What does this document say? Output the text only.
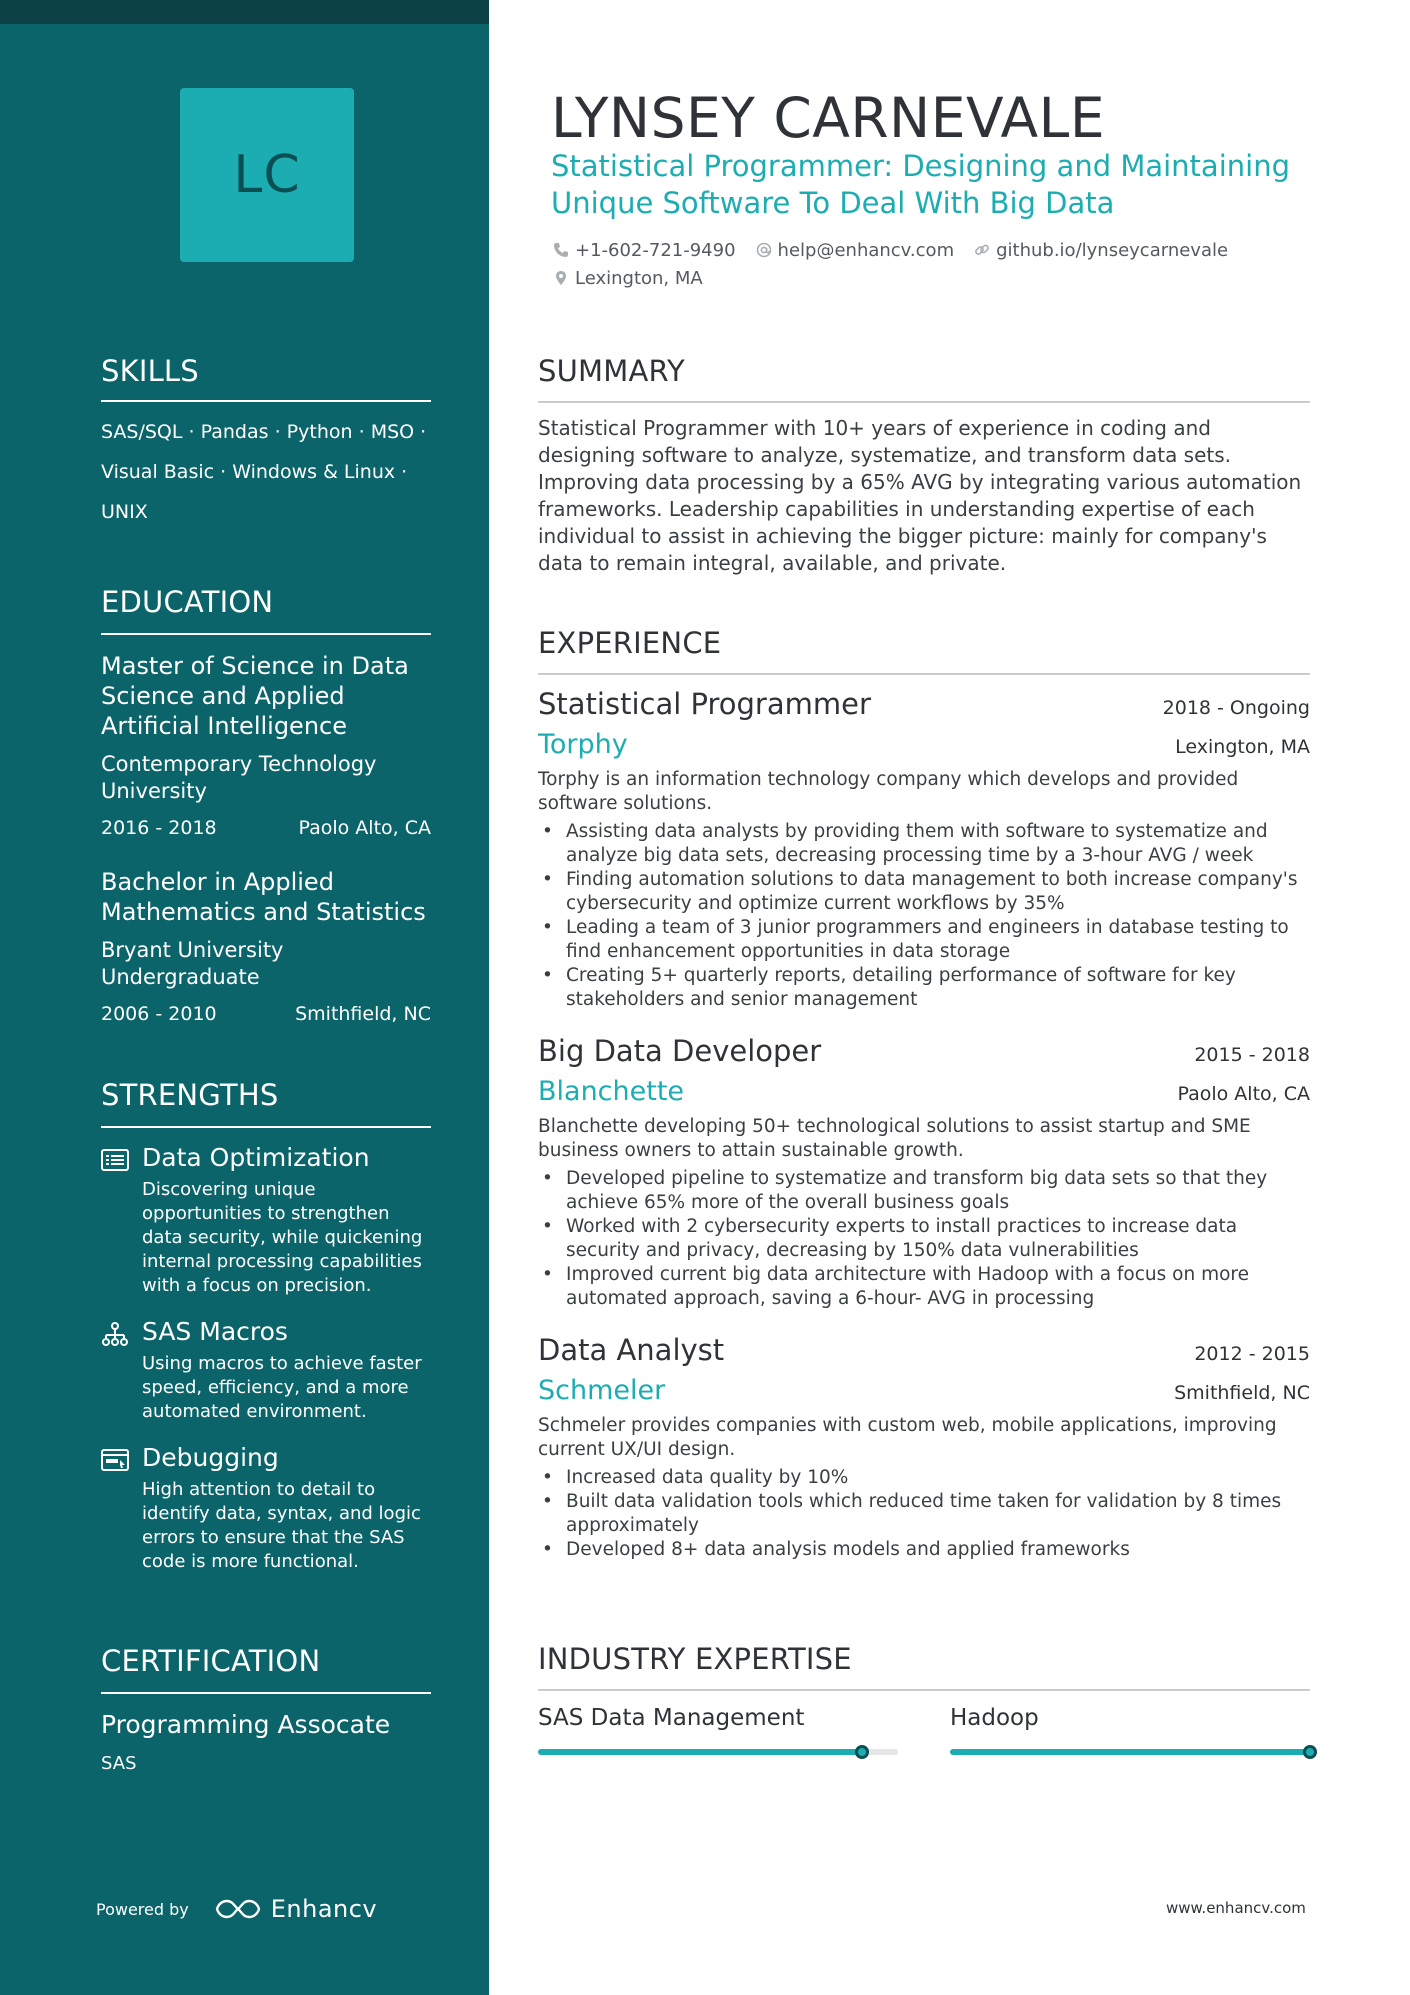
LC
SKILLS
SAS/SQL · Pandas · Python · MSO ·
Visual Basic · Windows & Linux ·
UNIX
EDUCATION
Master of Science in Data Science and Applied Artificial Intelligence
Contemporary Technology University
2016 - 2018	Paolo Alto, CA
Bachelor in Applied Mathematics and Statistics
Bryant University Undergraduate
2006 - 2010	Smithfield, NC
STRENGTHS
Data Optimization
Discovering unique opportunities to strengthen data security, while quickening internal processing capabilities with a focus on precision.
SAS Macros
Using macros to achieve faster speed, efficiency, and a more automated environment.
Debugging
High attention to detail to identify data, syntax, and logic errors to ensure that the SAS code is more functional.
CERTIFICATION
Programming Assocate
SAS
Powered by	Enhancv
LYNSEY CARNEVALE
Statistical Programmer: Designing and Maintaining Unique Software To Deal With Big Data
+1-602-721-9490 help@enhancv.com github.io/lynseycarnevale
Lexington, MA
SUMMARY
Statistical Programmer with 10+ years of experience in coding and designing software to analyze, systematize, and transform data sets. Improving data processing by a 65% AVG by integrating various automation frameworks. Leadership capabilities in understanding expertise of each individual to assist in achieving the bigger picture: mainly for company's data to remain integral, available, and private.
EXPERIENCE
Statistical Programmer	2018 - Ongoing
Torphy	Lexington, MA
Torphy is an information technology company which develops and provided software solutions.
• Assisting data analysts by providing them with software to systematize and analyze big data sets, decreasing processing time by a 3-hour AVG / week
• Finding automation solutions to data management to both increase company's cybersecurity and optimize current workflows by 35%
• Leading a team of 3 junior programmers and engineers in database testing to find enhancement opportunities in data storage
• Creating 5+ quarterly reports, detailing performance of software for key stakeholders and senior management
Big Data Developer	2015 - 2018
Blanchette	Paolo Alto, CA
Blanchette developing 50+ technological solutions to assist startup and SME business owners to attain sustainable growth.
• Developed pipeline to systematize and transform big data sets so that they achieve 65% more of the overall business goals
• Worked with 2 cybersecurity experts to install practices to increase data security and privacy, decreasing by 150% data vulnerabilities
• Improved current big data architecture with Hadoop with a focus on more automated approach, saving a 6-hour- AVG in processing
Data Analyst	2012 - 2015
Schmeler	Smithfield, NC
Schmeler provides companies with custom web, mobile applications, improving current UX/UI design.
• Increased data quality by 10%
• Built data validation tools which reduced time taken for validation by 8 times approximately
• Developed 8+ data analysis models and applied frameworks
INDUSTRY EXPERTISE
SAS Data Management	Hadoop
www.enhancv.com
